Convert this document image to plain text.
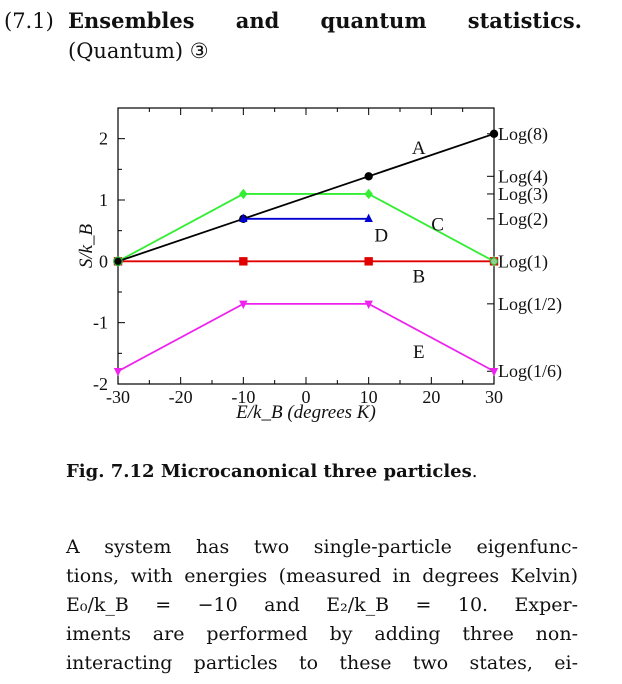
(7.1) Ensembles and quantum statistics.
(Quantum) ③
-30 -20 -10	0	10 20 30
-2
-1
0
1
2	Log(8)
Log(4)
Log(3)
Log(2)
Log(1)
Log(1/2)
Log(1/6)
A
B
C
D
E
E/k_B (degrees K)
S/k_B
Fig. 7.12 Microcanonical three particles.
A system has two single-particle eigenfunc-
tions, with energies (measured in degrees Kelvin)
E₀/k_B = −10 and E₂/k_B = 10. Exper-
iments are performed by adding three non-
interacting particles to these two states, ei-
